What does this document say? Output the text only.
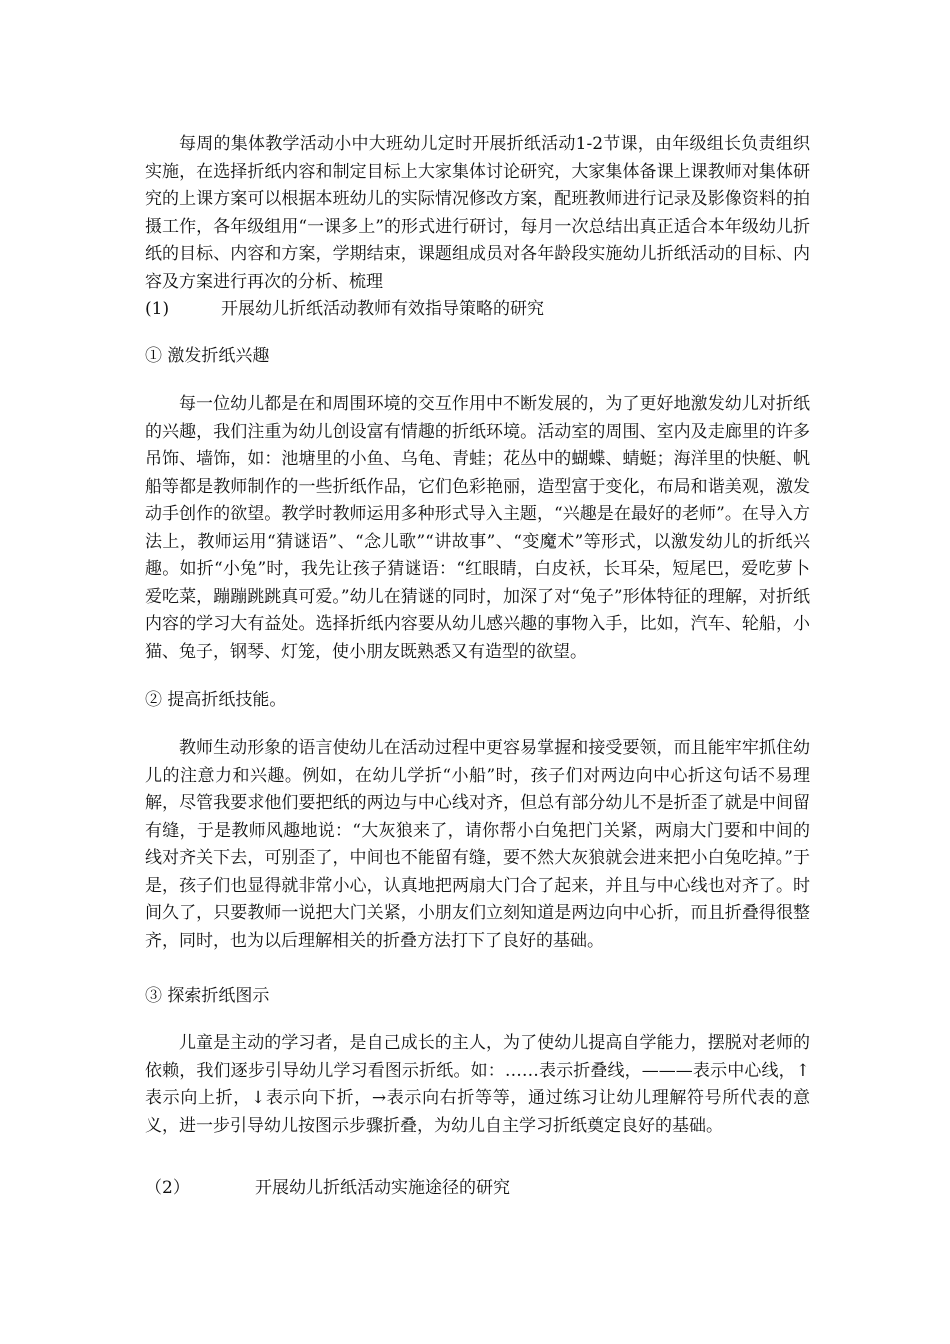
每周的集体教学活动小中大班幼儿定时开展折纸活动1-2节课，由年级组长负责组织实施，在选择折纸内容和制定目标上大家集体讨论研究，大家集体备课上课教师对集体研究的上课方案可以根据本班幼儿的实际情况修改方案，配班教师进行记录及影像资料的拍摄工作，各年级组用“一课多上”的形式进行研讨，每月一次总结出真正适合本年级幼儿折纸的目标、内容和方案，学期结束，课题组成员对各年龄段实施幼儿折纸活动的目标、内容及方案进行再次的分析、梳理

(1)	开展幼儿折纸活动教师有效指导策略的研究

① 激发折纸兴趣

每一位幼儿都是在和周围环境的交互作用中不断发展的，为了更好地激发幼儿对折纸的兴趣，我们注重为幼儿创设富有情趣的折纸环境。活动室的周围、室内及走廊里的许多吊饰、墙饰，如：池塘里的小鱼、乌龟、青蛙；花丛中的蝴蝶、蜻蜓；海洋里的快艇、帆船等都是教师制作的一些折纸作品，它们色彩艳丽，造型富于变化，布局和谐美观，激发动手创作的欲望。教学时教师运用多种形式导入主题，“兴趣是在最好的老师”。在导入方法上，教师运用“猜谜语”、“念儿歌”“讲故事”、“变魔术”等形式，以激发幼儿的折纸兴趣。如折“小兔”时，我先让孩子猜谜语：“红眼睛，白皮袄，长耳朵，短尾巴，爱吃萝卜爱吃菜，蹦蹦跳跳真可爱。”幼儿在猜谜的同时，加深了对“兔子”形体特征的理解，对折纸内容的学习大有益处。选择折纸内容要从幼儿感兴趣的事物入手，比如，汽车、轮船，小猫、兔子，钢琴、灯笼，使小朋友既熟悉又有造型的欲望。

② 提高折纸技能。

教师生动形象的语言使幼儿在活动过程中更容易掌握和接受要领，而且能牢牢抓住幼儿的注意力和兴趣。例如，在幼儿学折“小船”时，孩子们对两边向中心折这句话不易理解，尽管我要求他们要把纸的两边与中心线对齐，但总有部分幼儿不是折歪了就是中间留有缝，于是教师风趣地说：“大灰狼来了，请你帮小白兔把门关紧，两扇大门要和中间的线对齐关下去，可别歪了，中间也不能留有缝，要不然大灰狼就会进来把小白兔吃掉。”于是，孩子们也显得就非常小心，认真地把两扇大门合了起来，并且与中心线也对齐了。时间久了，只要教师一说把大门关紧，小朋友们立刻知道是两边向中心折，而且折叠得很整齐，同时，也为以后理解相关的折叠方法打下了良好的基础。

③ 探索折纸图示

儿童是主动的学习者，是自己成长的主人，为了使幼儿提高自学能力，摆脱对老师的依赖，我们逐步引导幼儿学习看图示折纸。如：……表示折叠线，———表示中心线，↑表示向上折，↓表示向下折，→表示向右折等等，通过练习让幼儿理解符号所代表的意义，进一步引导幼儿按图示步骤折叠，为幼儿自主学习折纸奠定良好的基础。

（2）	开展幼儿折纸活动实施途径的研究
